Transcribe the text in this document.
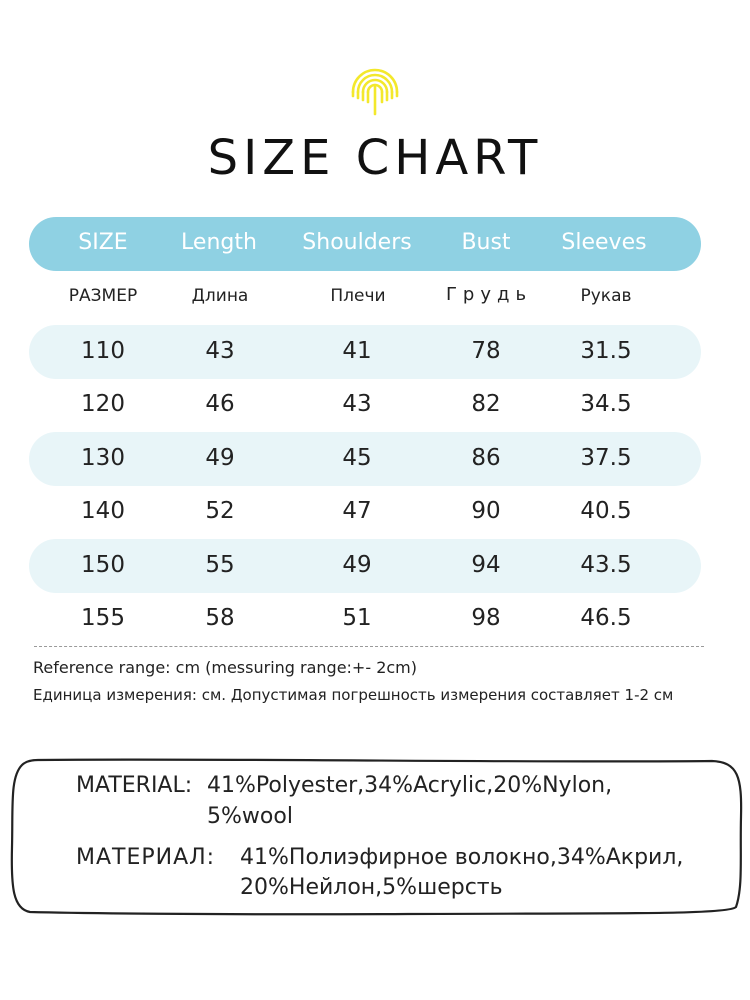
SIZE CHART
SIZE	Length	Shoulders	Bust	Sleeves
РАЗМЕР	Длина	Плечи	Грудь	Рукав
110	43	41	78	31.5
120	46	43	82	34.5
130	49	45	86	37.5
140	52	47	90	40.5
150	55	49	94	43.5
155	58	51	98	46.5
Reference range: cm (messuring range:+- 2cm)
Единица измерения: см. Допустимая погрешность измерения составляет 1-2 см
MATERIAL: 41%Polyester,34%Acrylic,20%Nylon,
5%wool
МАТЕРИАЛ: 41%Полиэфирное волокно,34%Акрил,
20%Нейлон,5%шерсть
